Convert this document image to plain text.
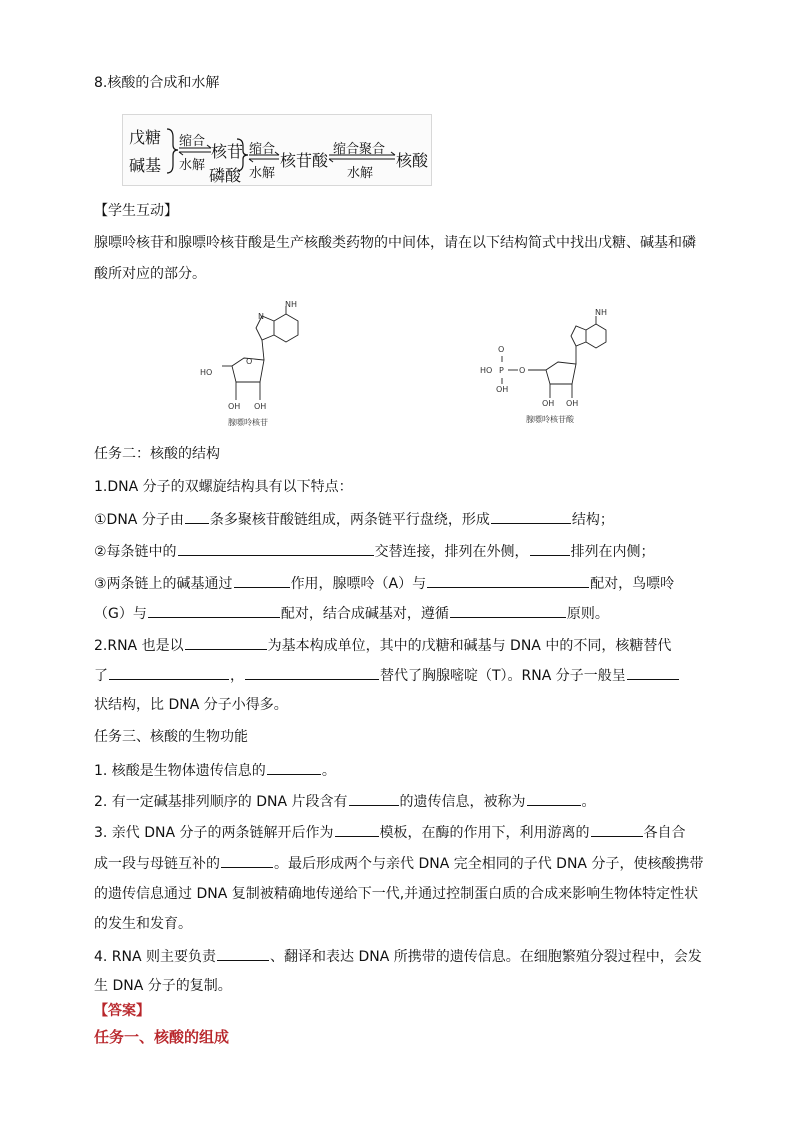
8.核酸的合成和水解
戊糖
碱基
缩合
水解
核苷
磷酸
缩合
水解
核苷酸
缩合聚合
水解
核酸
【学生互动】
腺嘌呤核苷和腺嘌呤核苷酸是生产核酸类药物的中间体，请在以下结构简式中找出戊糖、碱基和磷
酸所对应的部分。
NH
N
O
HO
OH OH
腺嘌呤核苷
NH
O
HO P O
OH
OH OH
腺嘌呤核苷酸
任务二：核酸的结构
1.DNA 分子的双螺旋结构具有以下特点：
①DNA 分子由 条多聚核苷酸链组成，两条链平行盘绕，形成	结构；
②每条链中的	交替连接，排列在外侧，	排列在内侧；
③两条链上的碱基通过	作用，腺嘌呤（A）与	配对，鸟嘌呤
（G）与	配对，结合成碱基对，遵循	原则。
2.RNA 也是以	为基本构成单位，其中的戊糖和碱基与 DNA 中的不同，核糖替代
了	，	替代了胸腺嘧啶（T）。RNA 分子一般呈
状结构，比 DNA 分子小得多。
任务三、核酸的生物功能
1. 核酸是生物体遗传信息的	。
2. 有一定碱基排列顺序的 DNA 片段含有	的遗传信息，被称为	。
3. 亲代 DNA 分子的两条链解开后作为	模板，在酶的作用下，利用游离的	各自合
成一段与母链互补的	。最后形成两个与亲代 DNA 完全相同的子代 DNA 分子，使核酸携带
的遗传信息通过 DNA 复制被精确地传递给下一代,并通过控制蛋白质的合成来影响生物体特定性状
的发生和发育。
4. RNA 则主要负责	、翻译和表达 DNA 所携带的遗传信息。在细胞繁殖分裂过程中，会发
生 DNA 分子的复制。
【答案】
任务一、核酸的组成
